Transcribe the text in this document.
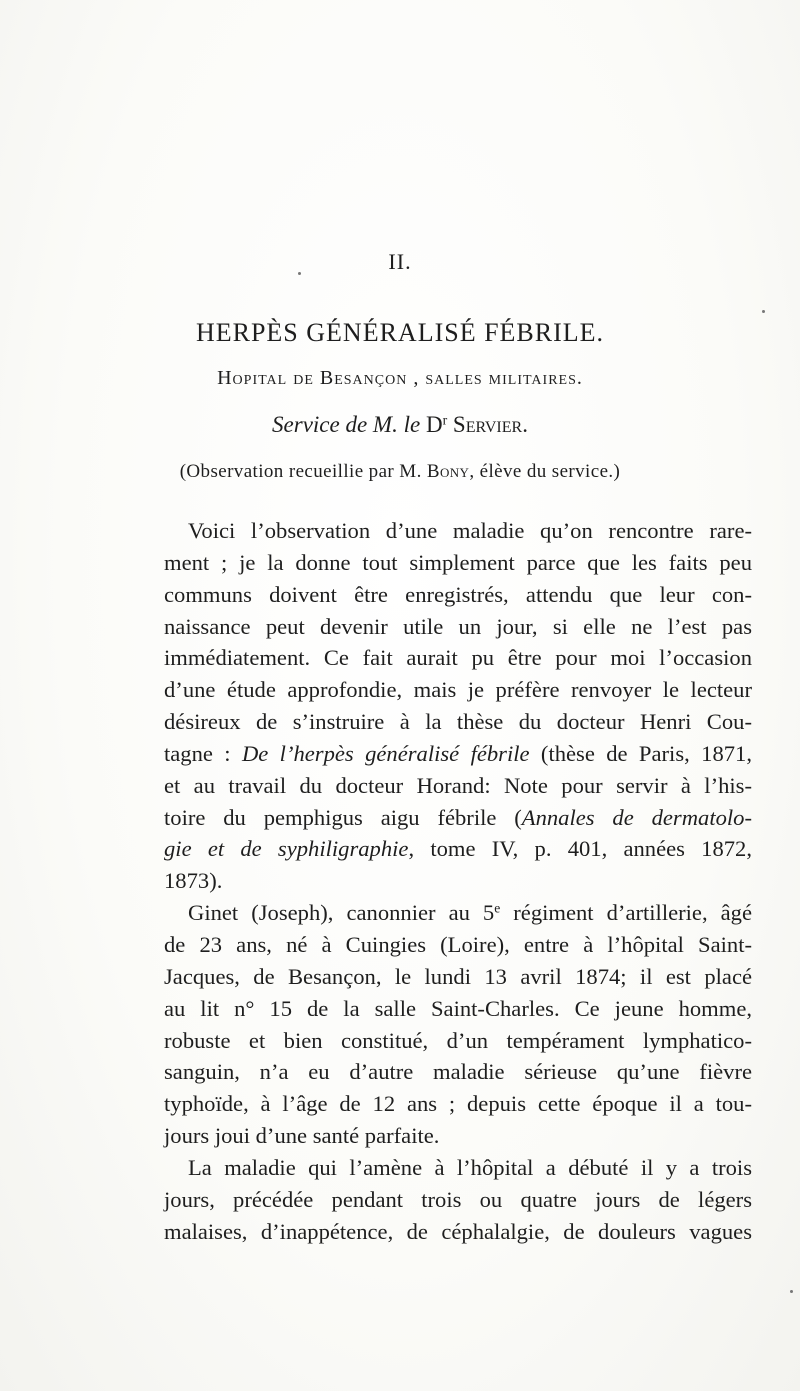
II.
HERPÈS GÉNÉRALISÉ FÉBRILE.
Hopital de Besançon , salles militaires.
Service de M. le $D^r$ Servier.
(Observation recueillie par M. Bony, élève du service.)
Voici l’observation d’une maladie qu’on rencontre rare-
ment ; je la donne tout simplement parce que les faits peu
communs doivent être enregistrés, attendu que leur con-
naissance peut devenir utile un jour, si elle ne l’est pas
immédiatement. Ce fait aurait pu être pour moi l’occasion
d’une étude approfondie, mais je préfère renvoyer le lecteur
désireux de s’instruire à la thèse du docteur Henri Cou-
tagne : De l’herpès généralisé fébrile (thèse de Paris, 1871,
et au travail du docteur Horand: Note pour servir à l’his-
toire du pemphigus aigu fébrile (Annales de dermatolo-
gie et de syphiligraphie, tome IV, p. 401, années 1872,
1873).
Ginet (Joseph), canonnier au 5e régiment d’artillerie, âgé
de 23 ans, né à Cuingies (Loire), entre à l’hôpital Saint-
Jacques, de Besançon, le lundi 13 avril 1874; il est placé
au lit n° 15 de la salle Saint-Charles. Ce jeune homme,
robuste et bien constitué, d’un tempérament lymphatico-
sanguin, n’a eu d’autre maladie sérieuse qu’une fièvre
typhoïde, à l’âge de 12 ans ; depuis cette époque il a tou-
jours joui d’une santé parfaite.
La maladie qui l’amène à l’hôpital a débuté il y a trois
jours, précédée pendant trois ou quatre jours de légers
malaises, d’inappétence, de céphalalgie, de douleurs vagues
